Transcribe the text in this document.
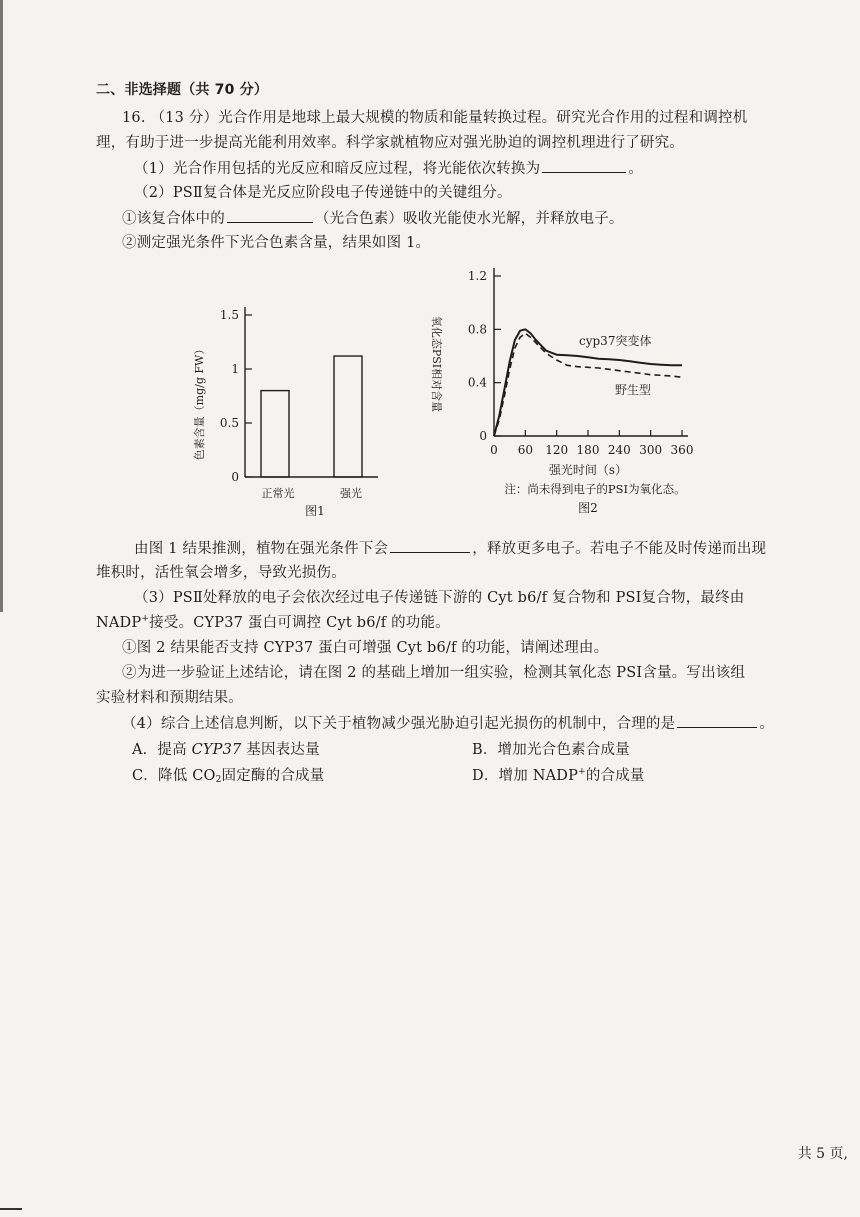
二、非选择题（共 70 分）
16. （13 分）光合作用是地球上最大规模的物质和能量转换过程。研究光合作用的过程和调控机
理，有助于进一步提高光能利用效率。科学家就植物应对强光胁迫的调控机理进行了研究。
（1）光合作用包括的光反应和暗反应过程，将光能依次转换为	。
（2）PSⅡ复合体是光反应阶段电子传递链中的关键组分。
①该复合体中的	（光合色素）吸收光能使水光解，并释放电子。
②测定强光条件下光合色素含量，结果如图 1。
0
0.5
1
1.5
正常光	强光
色素含量（mg/g FW）
图1
0
0.4
0.8
1.2
0 60 120 180 240 300 360
cyp37突变体
野生型
氧化态PSⅠ相对含量
强光时间（s）
注：尚未得到电子的PSⅠ为氧化态。
图2
由图 1 结果推测，植物在强光条件下会	，释放更多电子。若电子不能及时传递而出现
堆积时，活性氧会增多，导致光损伤。
（3）PSⅡ处释放的电子会依次经过电子传递链下游的 Cyt b6/f 复合物和 PSⅠ复合物，最终由
NADP+接受。CYP37 蛋白可调控 Cyt b6/f 的功能。
①图 2 结果能否支持 CYP37 蛋白可增强 Cyt b6/f 的功能，请阐述理由。
②为进一步验证上述结论，请在图 2 的基础上增加一组实验，检测其氧化态 PSⅠ含量。写出该组
实验材料和预期结果。
（4）综合上述信息判断，以下关于植物减少强光胁迫引起光损伤的机制中，合理的是	。
A．提高 CYP37 基因表达量	B．增加光合色素合成量
C．降低 $CO_2$固定酶的合成量	D．增加 NADP+的合成量
共 5 页,
